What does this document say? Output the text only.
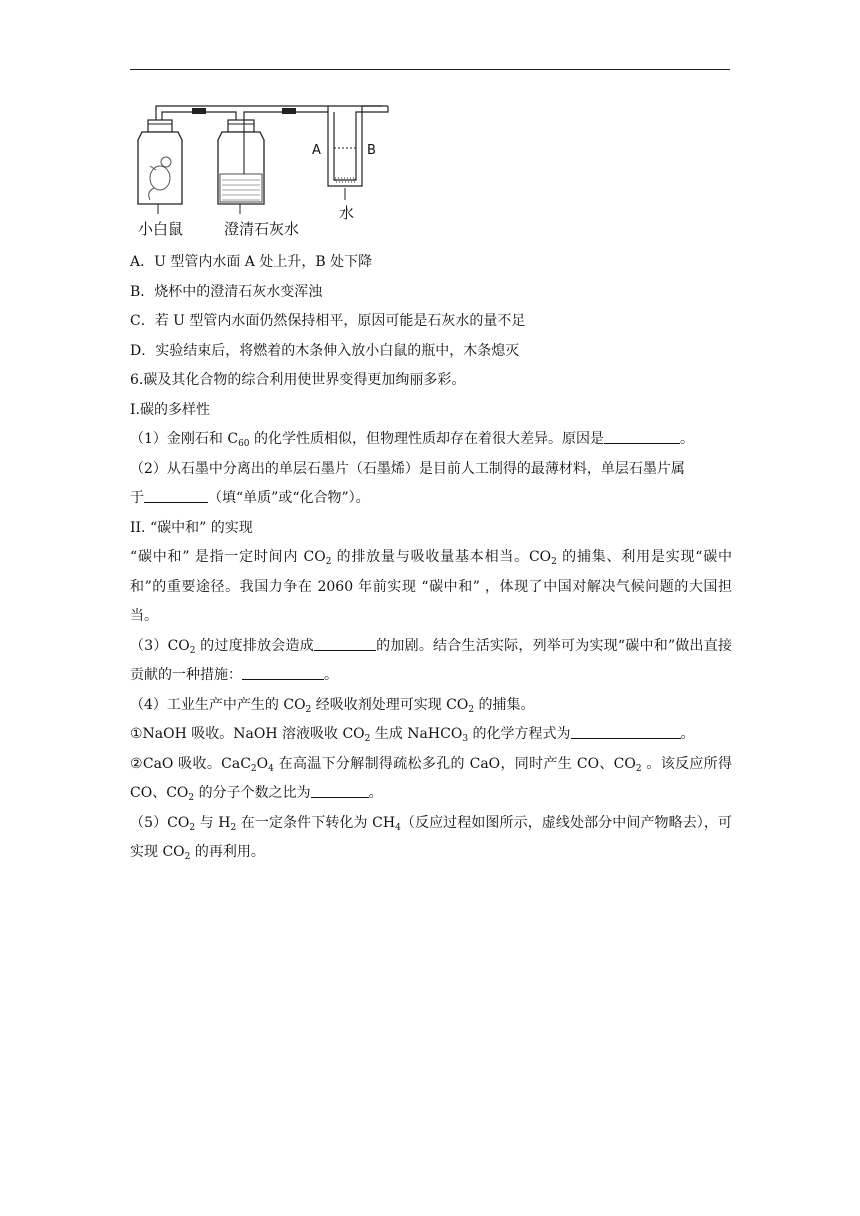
A	B
水
小白鼠	澄清石灰水
A．U 型管内水面 A 处上升，B 处下降
B．烧杯中的澄清石灰水变浑浊
C．若 U 型管内水面仍然保持相平，原因可能是石灰水的量不足
D．实验结束后，将燃着的木条伸入放小白鼠的瓶中，木条熄灭
6.碳及其化合物的综合利用使世界变得更加绚丽多彩。
I.碳的多样性
（1）金刚石和 $C_{60}$ 的化学性质相似，但物理性质却存在着很大差异。原因是	。
（2）从石墨中分离出的单层石墨片（石墨烯）是目前人工制得的最薄材料，单层石墨片属
于	（填“单质”或“化合物”）。
II. “碳中和” 的实现
“碳中和” 是指一定时间内 $CO_2$ 的排放量与吸收量基本相当。$CO_2$ 的捕集、利用是实现“碳中和”的重要途径。我国力争在 2060 年前实现 “碳中和” ，体现了中国对解决气候问题的大国担当。
$(3)CO_2$ 的过度排放会造成	的加剧。结合生活实际，列举可为实现“碳中和”做出直接贡献的一种措施：	。
（4）工业生产中产生的 $CO_2$ 经吸收剂处理可实现 $CO_2$ 的捕集。
①NaOH 吸收。NaOH 溶液吸收 $CO_2$ 生成 NaHCO$_3$ 的化学方程式为	。
②CaO 吸收。$CaC_2O_4$ 在高温下分解制得疏松多孔的 CaO，同时产生 CO、$CO_2$ 。该反应所得 CO、$CO_2$ 的分子个数之比为	。
$(5)CO_2$ 与 $H_2$ 在一定条件下转化为 $CH_4$（反应过程如图所示，虚线处部分中间产物略去），可实现 $CO_2$ 的再利用。
